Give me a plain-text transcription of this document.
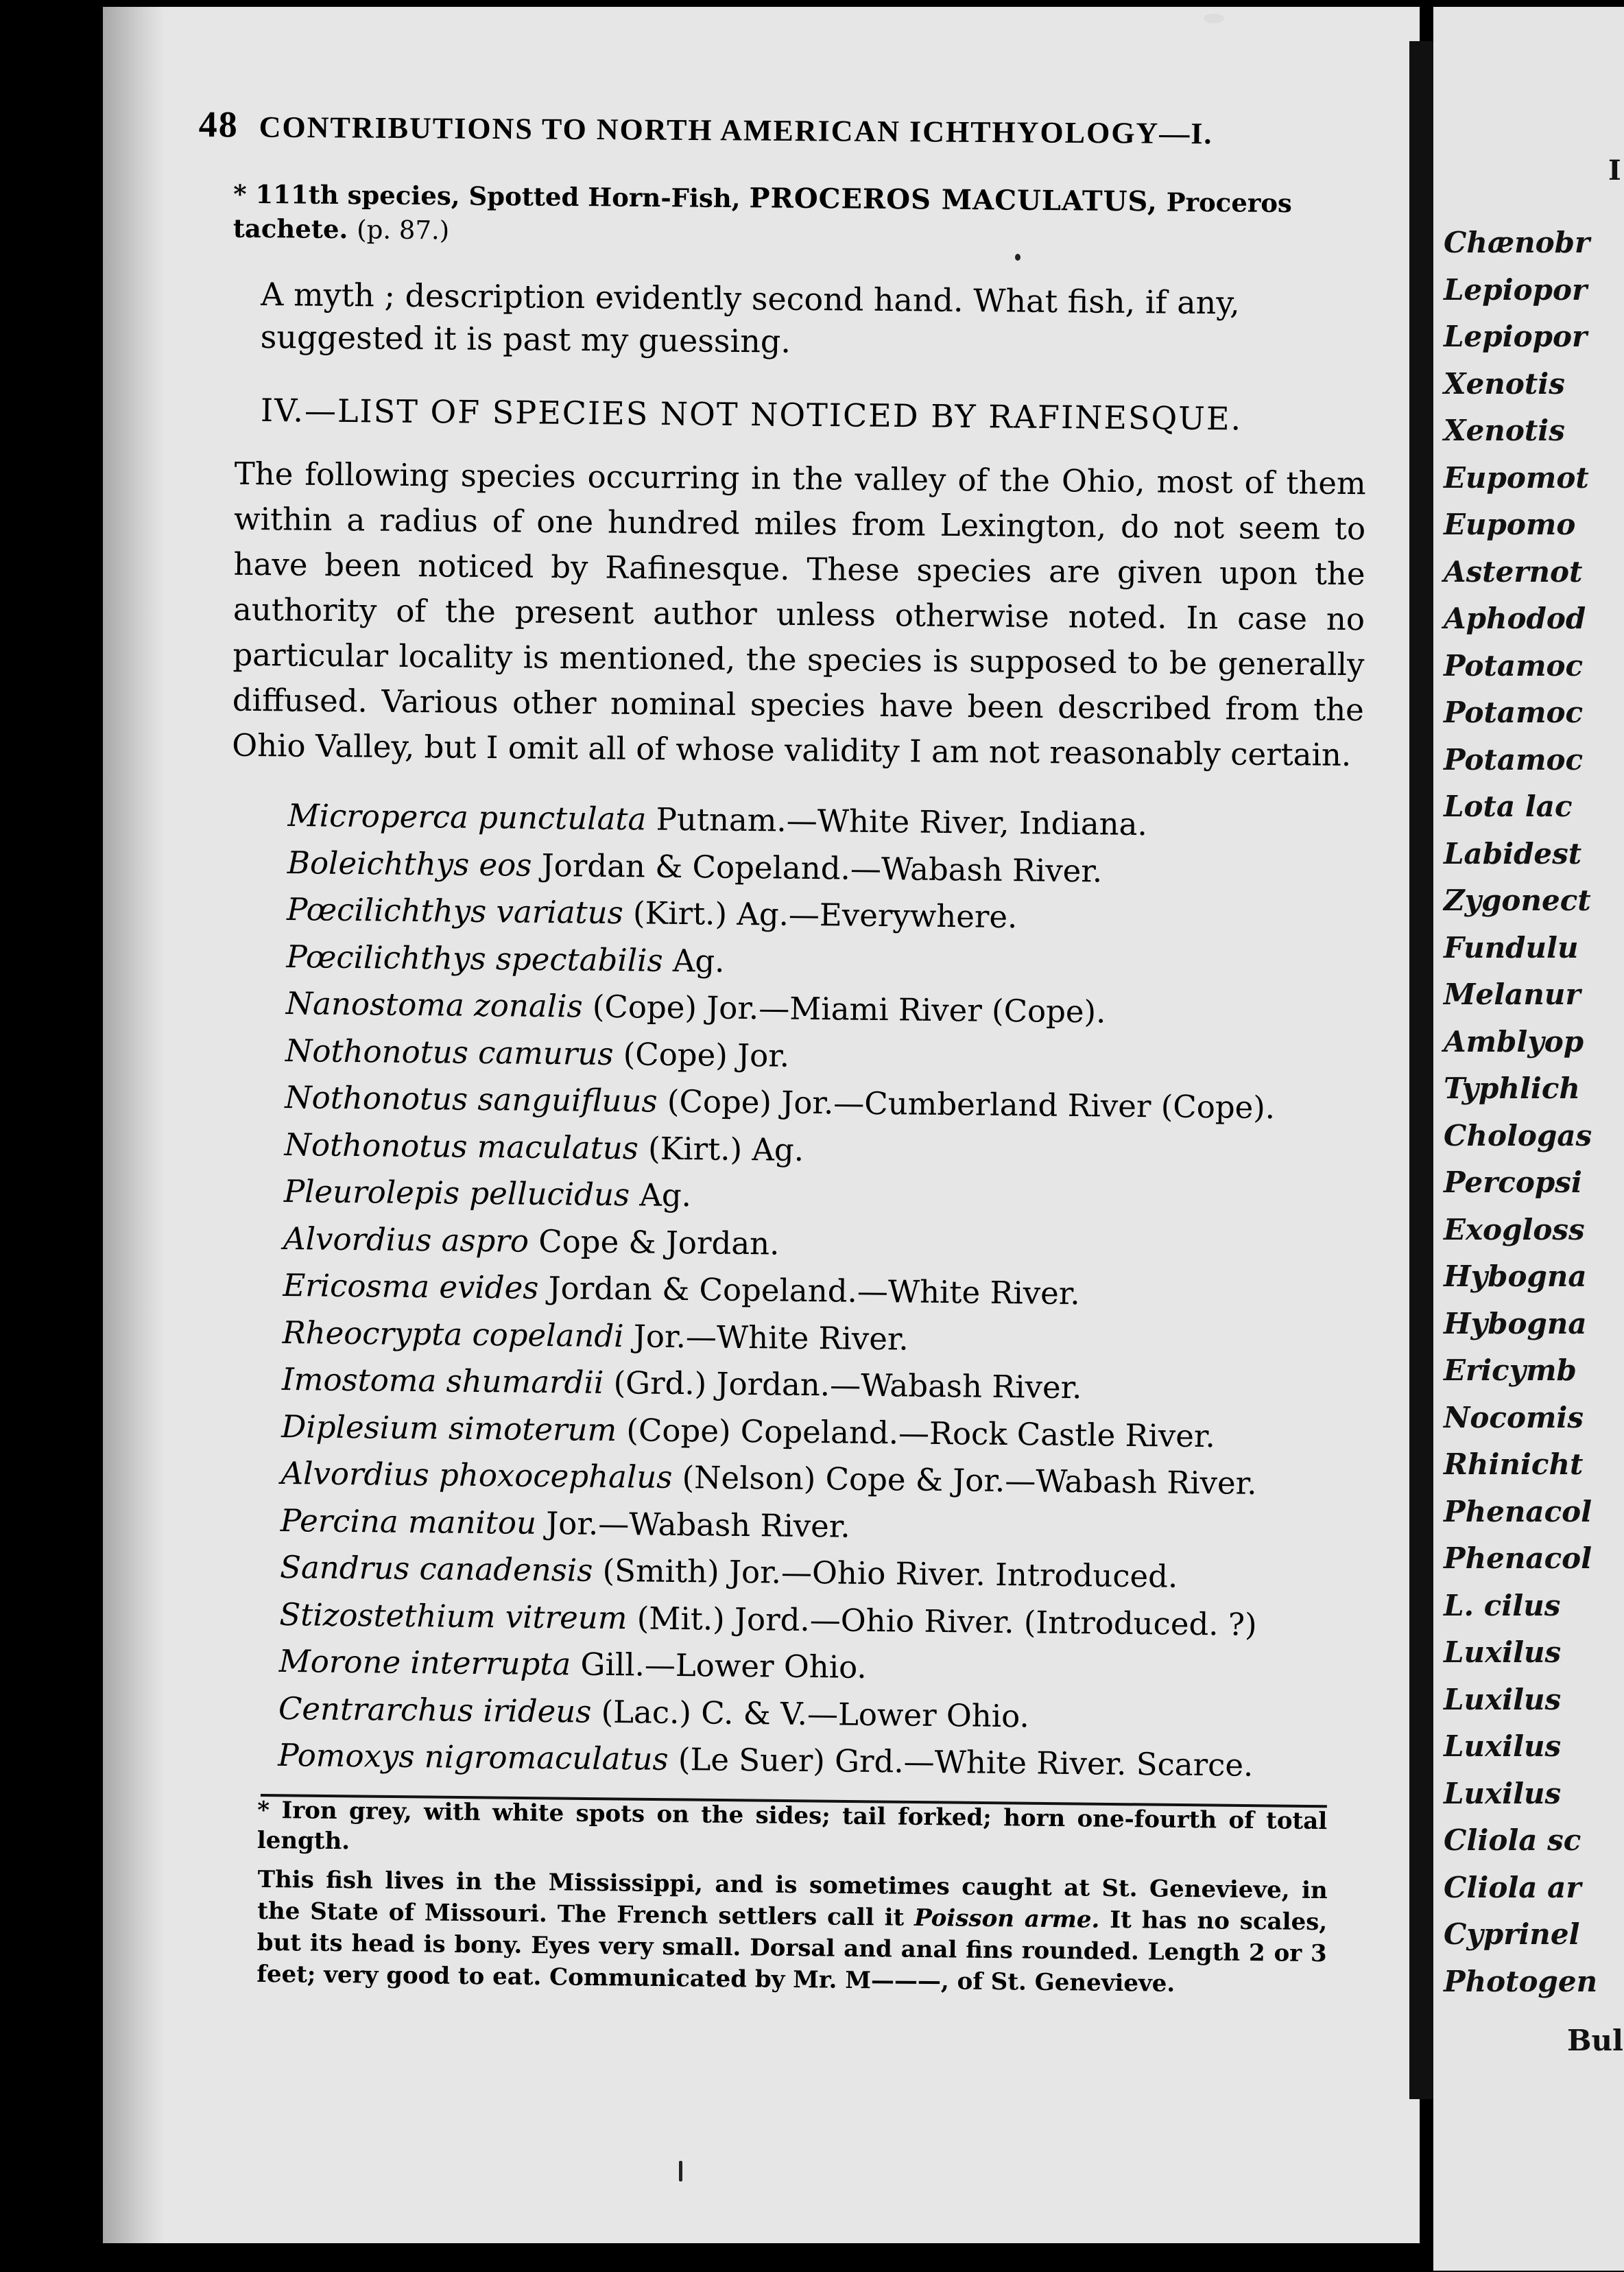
48 CONTRIBUTIONS TO NORTH AMERICAN ICHTHYOLOGY—I.
* 111th species, Spotted Horn-Fish, PROCEROS MACULATUS, Proceros tachete. (p. 87.)
A myth ; description evidently second hand. What fish, if any, suggested it is past my guessing.
IV.—LIST OF SPECIES NOT NOTICED BY RAFINESQUE.
The following species occurring in the valley of the Ohio, most of them within a radius of one hundred miles from Lexington, do not seem to have been noticed by Rafinesque. These species are given upon the authority of the present author unless otherwise noted. In case no particular locality is mentioned, the species is supposed to be generally diffused. Various other nominal species have been described from the Ohio Valley, but I omit all of whose validity I am not reasonably certain.
Microperca punctulata Putnam.—White River, Indiana.
Boleichthys eos Jordan & Copeland.—Wabash River.
Pœcilichthys variatus (Kirt.) Ag.—Everywhere.
Pœcilichthys spectabilis Ag.
Nanostoma zonalis (Cope) Jor.—Miami River (Cope).
Nothonotus camurus (Cope) Jor.
Nothonotus sanguifluus (Cope) Jor.—Cumberland River (Cope).
Nothonotus maculatus (Kirt.) Ag.
Pleurolepis pellucidus Ag.
Alvordius aspro Cope & Jordan.
Ericosma evides Jordan & Copeland.—White River.
Rheocrypta copelandi Jor.—White River.
Imostoma shumardii (Grd.) Jordan.—Wabash River.
Diplesium simoterum (Cope) Copeland.—Rock Castle River.
Alvordius phoxocephalus (Nelson) Cope & Jor.—Wabash River.
Percina manitou Jor.—Wabash River.
Sandrus canadensis (Smith) Jor.—Ohio River. Introduced.
Stizostethium vitreum (Mit.) Jord.—Ohio River. (Introduced. ?)
Morone interrupta Gill.—Lower Ohio.
Centrarchus irideus (Lac.) C. & V.—Lower Ohio.
Pomoxys nigromaculatus (Le Suer) Grd.—White River. Scarce.
* Iron grey, with white spots on the sides; tail forked; horn one-fourth of total length.
This fish lives in the Mississippi, and is sometimes caught at St. Genevieve, in the State of Missouri. The French settlers call it Poisson arme. It has no scales, but its head is bony. Eyes very small. Dorsal and anal fins rounded. Length 2 or 3 feet; very good to eat. Communicated by Mr. M———, of St. Genevieve.
I
Chænobr
Lepiopor
Lepiopor
Xenotis
Xenotis
Eupomot
Eupomo
Asternot
Aphodod
Potamoc
Potamoc
Potamoc
Lota lac
Labidest
Zygonect
Fundulu
Melanur
Amblyop
Typhlich
Chologas
Percopsi
Exogloss
Hybogna
Hybogna
Ericymb
Nocomis
Rhinicht
Phenacol
Phenacol
L. cilus
Luxilus
Luxilus
Luxilus
Luxilus
Cliola sc
Cliola ar
Cyprinel
Photogen
Bul
